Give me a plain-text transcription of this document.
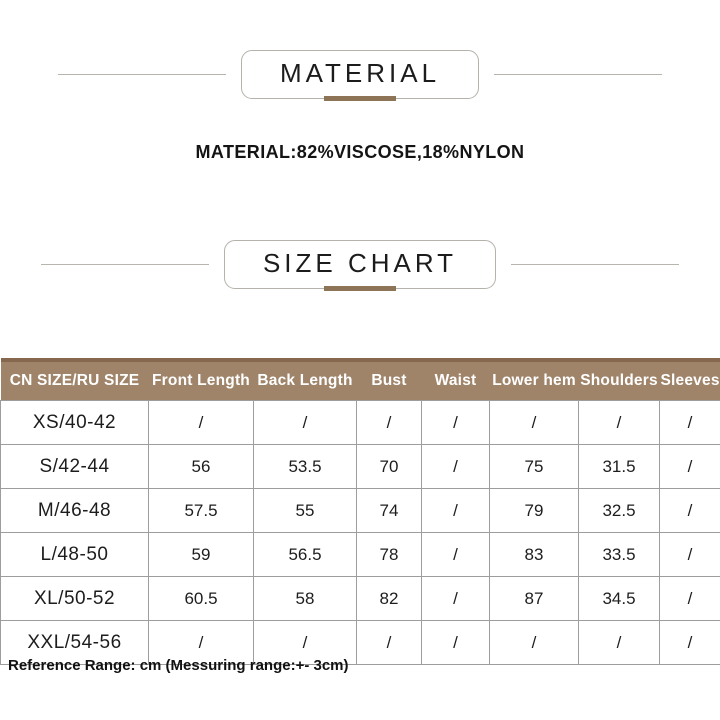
MATERIAL
MATERIAL:82%VISCOSE,18%NYLON
SIZE CHART
CN SIZE/RU SIZE	Front Length	Back Length	Bust	Waist	Lower hem	Shoulders	Sleeves
XS/40-42	/	/	/	/	/	/	/
S/42-44	56	53.5	70	/	75	31.5	/
M/46-48	57.5	55	74	/	79	32.5	/
L/48-50	59	56.5	78	/	83	33.5	/
XL/50-52	60.5	58	82	/	87	34.5	/
XXL/54-56	/	/	/	/	/	/	/
Reference Range: cm (Messuring range:+- 3cm)
